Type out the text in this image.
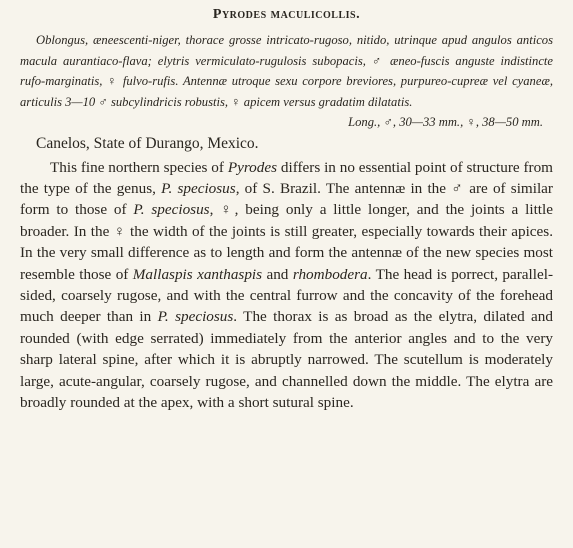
Pyrodes maculicollis.

Oblongus, æneescenti-niger, thorace grosse intricato-rugoso, nitido, utrinque apud angulos anticos macula aurantiaco-flava; elytris vermiculato-rugulosis subopacis, ♂ æneo-fuscis anguste indistincte rufo-marginatis, ♀ fulvo-rufis. Antennæ utroque sexu corpore breviores, purpureo-cupreæ vel cyaneæ, articulis 3—10 ♂ subcylindricis robustis, ♀ apicem versus gradatim dilatatis.

Long., ♂, 30—33 mm., ♀, 38—50 mm.

Canelos, State of Durango, Mexico.

This fine northern species of Pyrodes differs in no essential point of structure from the type of the genus, P. speciosus, of S. Brazil. The antennæ in the ♂ are of similar form to those of P. speciosus, ♀, being only a little longer, and the joints a little broader. In the ♀ the width of the joints is still greater, especially towards their apices. In the very small difference as to length and form the antennæ of the new species most resemble those of Mallaspis xanthaspis and rhombodera. The head is porrect, parallel-sided, coarsely rugose, and with the central furrow and the concavity of the forehead much deeper than in P. speciosus. The thorax is as broad as the elytra, dilated and rounded (with edge serrated) immediately from the anterior angles and to the very sharp lateral spine, after which it is abruptly narrowed. The scutellum is moderately large, acute-angular, coarsely rugose, and channelled down the middle. The elytra are broadly rounded at the apex, with a short sutural spine.
